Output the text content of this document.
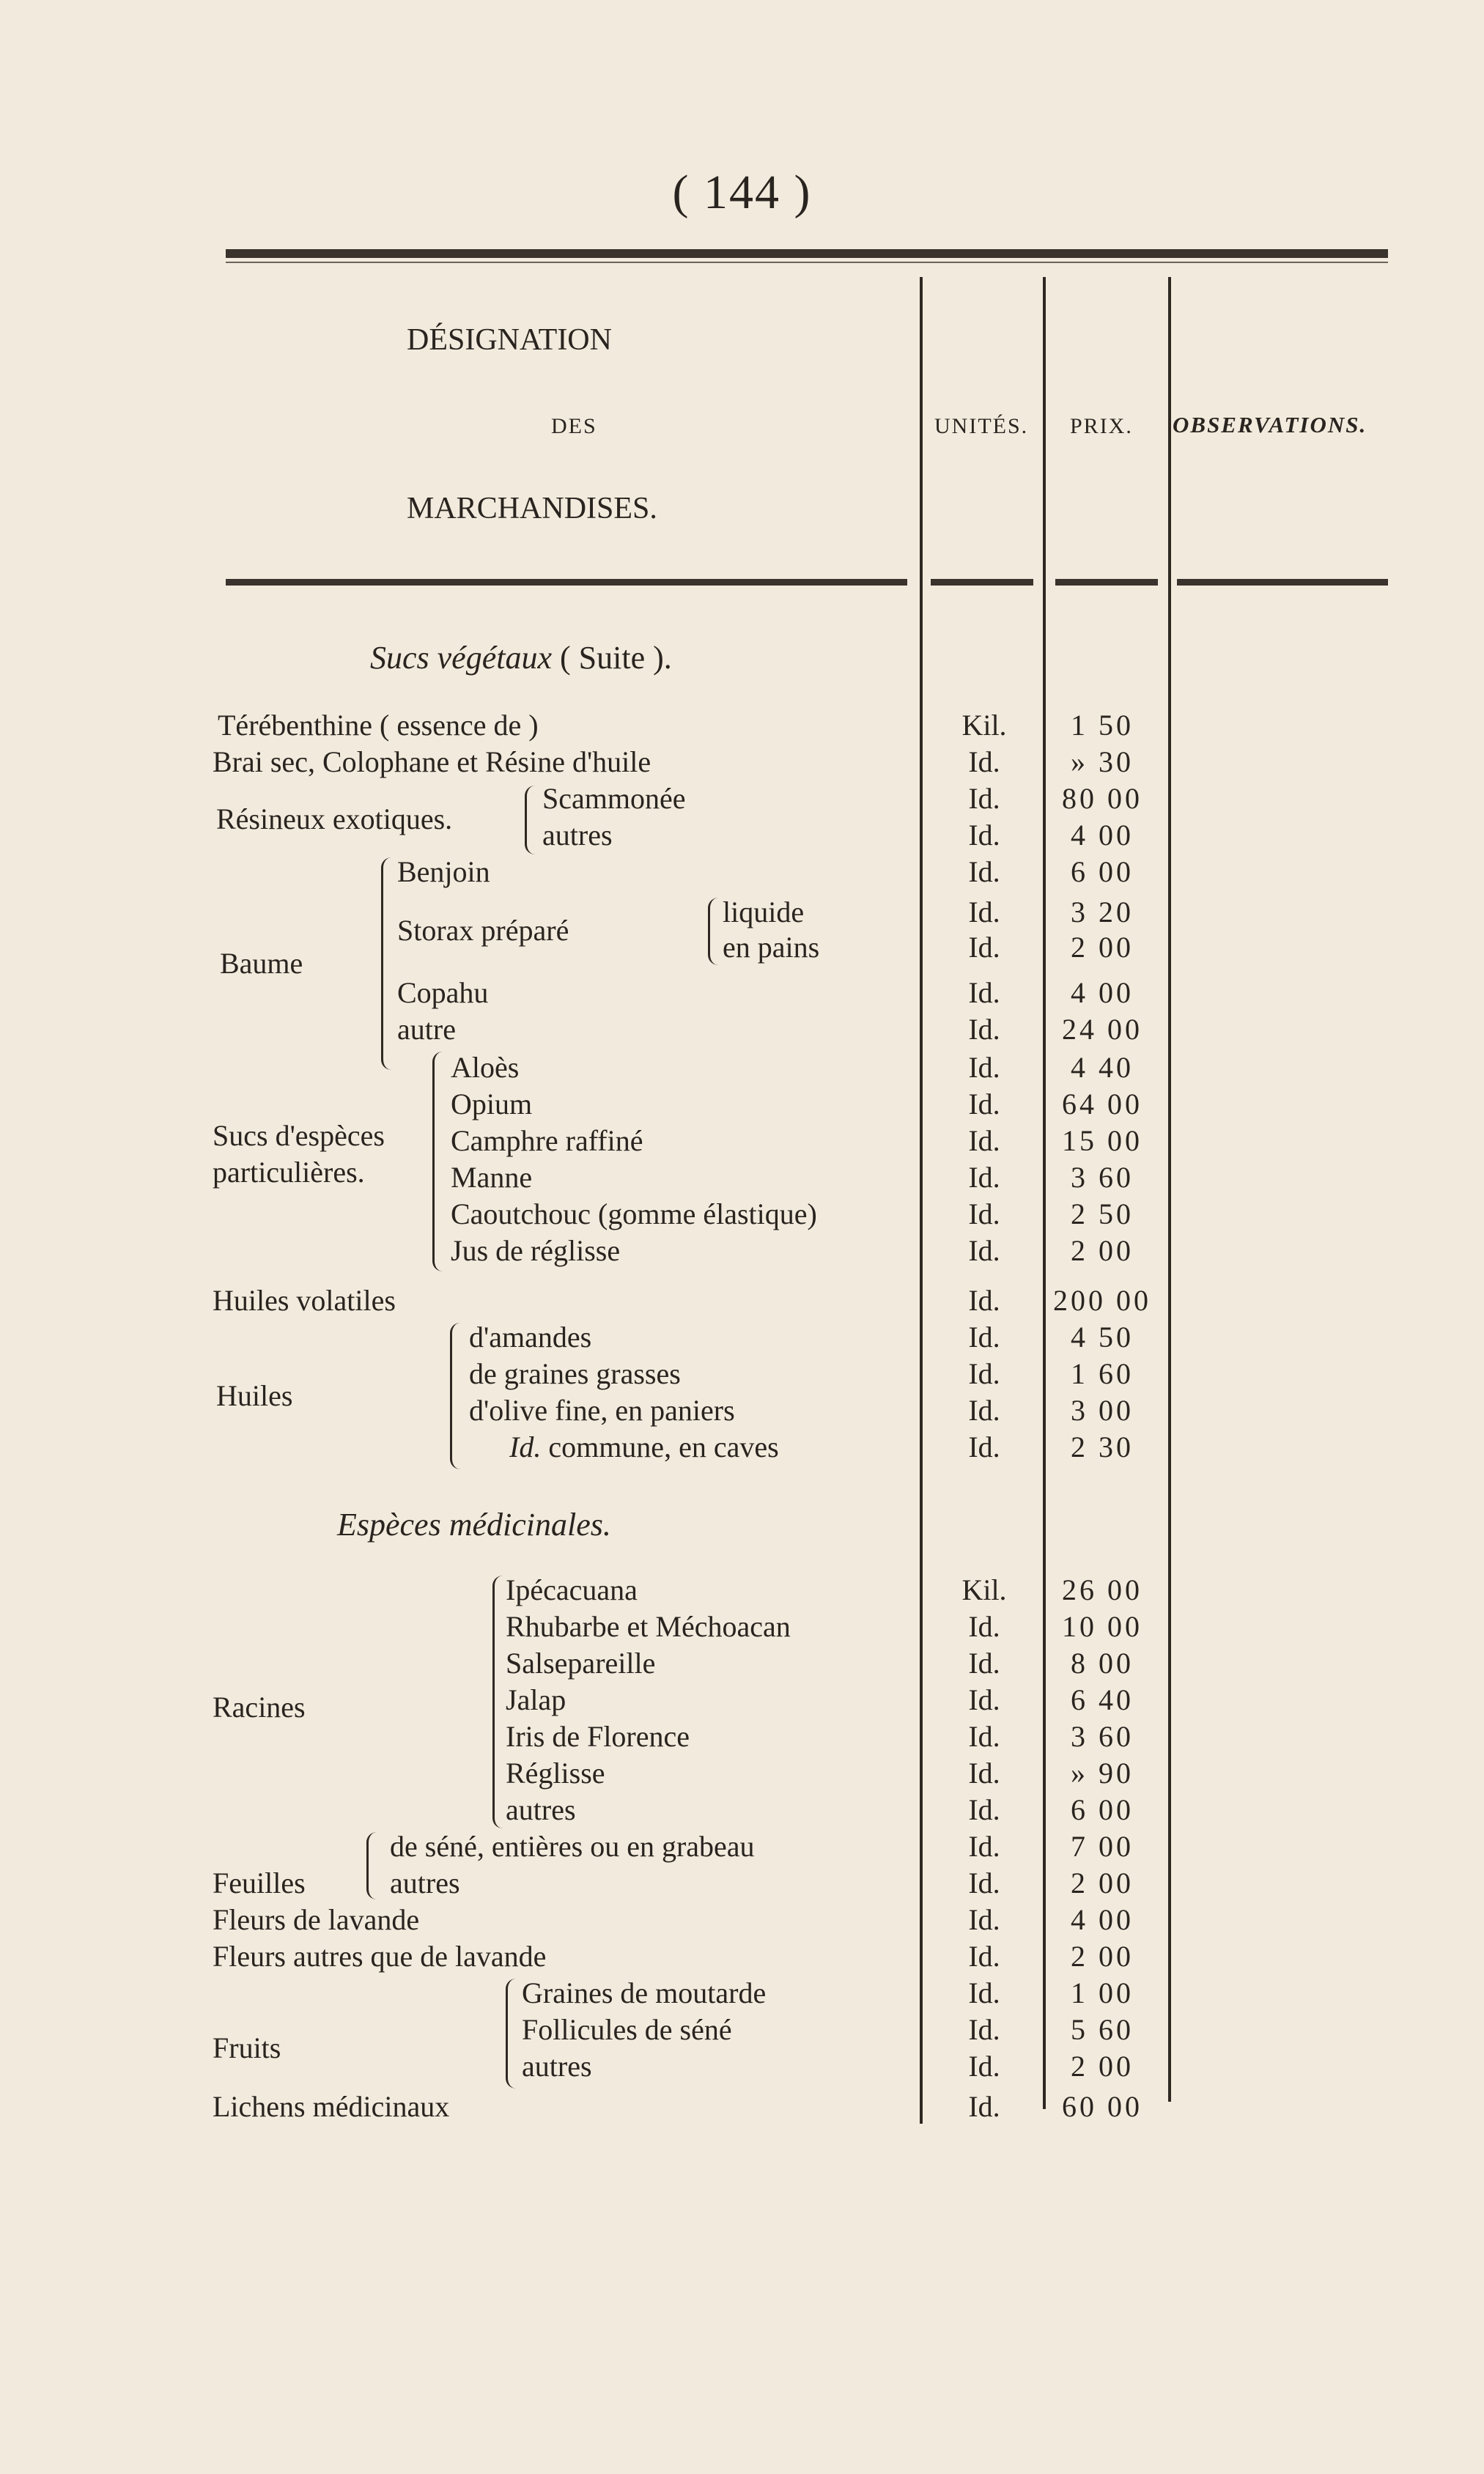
( 144 )
DÉSIGNATION
DES
MARCHANDISES.
UNITÉS. PRIX. OBSERVATIONS.
Sucs végétaux ( Suite ).
Térébenthine ( essence de )	Kil.	1 50
Brai sec, Colophane et Résine d'huile	Id.	» 30
Résineux exotiques.
Scammonée	Id.	80 00
autres	Id.	4 00
Baume
Benjoin	Id.	6 00
Storax préparé
liquide	Id.	3 20
en pains	Id.	2 00
Copahu	Id.	4 00
autre	Id.	24 00
Sucs d'espèces particulières.
Aloès	Id.	4 40
Opium	Id.	64 00
Camphre raffiné	Id.	15 00
Manne	Id.	3 60
Caoutchouc (gomme élastique)	Id.	2 50
Jus de réglisse	Id.	2 00
Huiles volatiles	Id.	200 00
Huiles
d'amandes	Id.	4 50
de graines grasses	Id.	1 60
d'olive fine, en paniers	Id.	3 00
Id. commune, en caves	Id.	2 30
Espèces médicinales.
Racines
Ipécacuana	Kil.	26 00
Rhubarbe et Méchoacan	Id.	10 00
Salsepareille	Id.	8 00
Jalap	Id.	6 40
Iris de Florence	Id.	3 60
Réglisse	Id.	» 90
autres	Id.	6 00
Feuilles
de séné, entières ou en grabeau	Id.	7 00
autres	Id.	2 00
Fleurs de lavande	Id.	4 00
Fleurs autres que de lavande	Id.	2 00
Fruits
Graines de moutarde	Id.	1 00
Follicules de séné	Id.	5 60
autres	Id.	2 00
Lichens médicinaux	Id.	60 00
